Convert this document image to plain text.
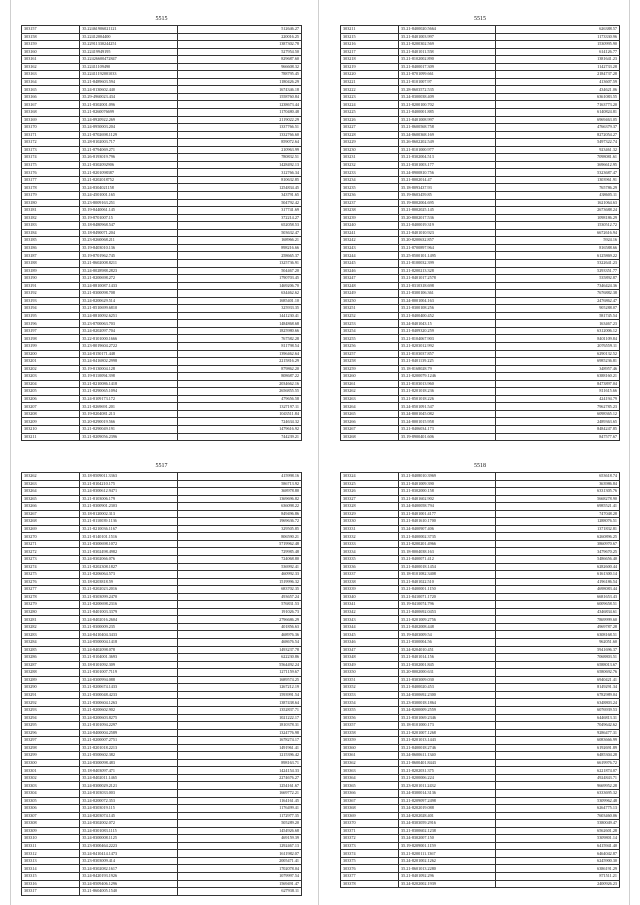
5515
303157	35.22461906021121	512646.27
303158	35.22412004400	220016.25
303159	35.22911330244251	1387302.78
303160	35.22419949195	527954.50
303161	35.22426600472847	829687.60
303162	35.22411109490	966608.32
303163	35.22411192001033	788795.45
303164	35.21-8489603.594	1180426.29
303165	35.24-8130602.440	1674346.18
303166	35.29-4960023.434	1558760.84
303167	35.21-8302001.096	1238673.44
303168	35.21-8260076699	1170480.48
303169	35.24-8920922.269	2119022.29
303170	35.24-8950003.204	1337766.51
303171	35.21-8702698.1129	1332766.60
303172	35.28-8102003.717	859072.64
303173	35.21-8794069.271	210963.99
303174	35.26-8193019.796	780832.51
303175	35.21-8302092906	1428492.13
303176	35.21-8201098387	312766.34
303177	35.21-8202018752	810632.85
303178	35.24-8304021158	1254834.45
303179	35.24-4501001.165	343791.65
303180	35.23-8009163.251	504792.42
303181	35.19-8440061.145	317741.69
303182	35.19-8701007.15	372214.27
303183	35.18-8480968.547	652058.53
303184	35.18-8490071.204	503632.47
303185	35.23-8260068.211	168966.21
303186	35.19-8403010.136	898216.66
303187	35.19-8701962.745	258665.37
303188	35.21-8602008.8211	1325736.91
303189	35.24-8028988.2823	504467.20
303190	35.21-8200698.272	1790703.45
303191	35.24-8810087.1433	1469206.70
303192	35.21-8300098.708	634462.62
303193	35.24-8200629.514	1685401.10
303194	35.21-8510699.6810	325933.35
303195	35.24-8810092.6251	1441230.41
303196	35.23-8700063.703	1484868.68
303197	35.24-8202097.704	1825980.66
303198	35.22-8101000.1666	767582.28
303199	35.23-8019604.2722	811798.54
303200	35.24-8150171.448	1396462.64
303201	35.24-8416802.2998	2215816.29
303202	35.19-8130004.128	879862.20
303203	35.19-8110094.398	808687.22
303204	35.21-8210086.1418	2034662.16
303205	35.21-8290065.1094	2656855.55
303206	35.24-8109173.172	479656.58
303207	35.21-8269691.201	1327197.11
303208	35.19-8204081.213	1043511.84
303209	35.20-8290019.566	724634.32
303210	35.21-8290049.191	1479616.92
303211	35.21-8209056.2396	744239.21
5515
303211	35.21-8400020.5664	626388.57
303215	35.21-8401003.997	1173330.96
303216	35.21-8200302.569	1530995.90
303217	35.21-8401011.558	614126.77
303218	35.21-8102002.890	1381641.23
303219	35.21-8400017.309	1142733.28
303220	35.21-8701099.661	2184737.28
303221	35.21-8101007.97	413607.59
303222	35.28-8603572.535	434621.06
303223	35.24-8300038.409	6361083.55
303224	35.21-8200100.702	7163773.20
303225	35.21-8400001.885	6140824.81
303226	35.21-8401008.997	6969463.05
303227	35.21-8600568.758	4766379.37
303228	35.24-8600368.169	8272054.27
303229	35.26-8602202.549	5497322.74
303230	35.21-8101000.977	923461.32
303231	35.21-8302004.513	7098081.61
303232	35.21-8301003.177	3696612.95
303233	35.24-8900810.756	5323687.47
303234	35.21-8002014.47	1303961.91
303235	35.18-8093437.93	765786.29
303236	35.19-8603459.85	438605.11
303237	35.19-8002004.695	1621064.63
303238	35.21-8002025.145	2673688.24
303239	35.20-8002017.536	1098186.29
303240	35.21-8400019.319	1530512.72
303241	35.21-8401010.923	6672616.94
303242	35.20-8200632.857	5924.16
303243	35.21-8700897.964	816588.66
303244	35.25-8500101.1495	6125869.22
303245	35.21-8100032.399	5322641.23
303246	35.21-8200213.328	5293351.77
303247	35.21-8401017.2578	535892.87
303248	35.21-8310318.698	7346424.36
303249	35.21-8300106.361	7676882.38
303250	35.24-8001004.163	2476862.47
303251	35.21-8300108.256	905288.07
303252	35.21-8400400.452	581745.54
303253	35.24-8401043.15	163467.23
303254	35.21-8409320.259	6312006.12
303255	35.21-8104067.903	8401109.84
303256	35.21-8203012.992	2076559.11
303257	35.21-8103037.857	6290132.52
303258	35.21-8401139.225	6985236.81
303259	35.18-8168028.79	348957.46
303260	35.21-8200079.1246	6388160.21
303261	35.21-8103013.960	8473897.04
303262	35.21-8201018.236	811615.66
303263	35.21-8501018.226	424194.79
303264	35.24-8501091.547	7962785.23
303265	35.24-8001045.082	6098365.12
303266	35.24-8001015.958	2489363.65
303267	35.21-8406034.173	8484247.85
303268	35.19-8900401.606	847577.67
5517
303262	35.18-8509011.3363	415998.16
303263	35.21-8104210.175	586713.92
303264	35.24-8300612.9471	368978.80
303265	35.21-8103006.179	1369696.82
303266	35.21-8300901.2303	636098.22
303267	35.18-8120002.313	849496.86
303268	35.21-8110039.1136	1969636.72
303269	35.21-8210036.1167	329505.85
303270	35.21-8140101.1516	806590.21
303271	35.21-8300698.1072	5719962.48
303272	35.21-8302498.4982	729985.48
303273	35.24-8302066.076	724068.80
303274	35.21-8202308.1827	536992.41
303275	35.21-8206064.573	460992.33
303276	35.18-8203818.59	1519996.32
303277	35.21-8202023.2016	683702.35
303278	35.21-8303099.2470	493657.24
303279	35.21-8200698.2316	576831.53
303280	35.21-8401003.3379	191026.73
303281	35.24-8402016.2604	2796686.29
303282	35.21-8300009.235	401856.63
303283	35.24-8410404.3433	468976.36
303284	35.24-8500004.1418	468676.54
303285	35.24-8402098.078	1493237.78
303286	35.21-8104001.3693	622230.86
303287	35.18-8101092.309	5564492.24
303288	35.21-8301007.7119	1271159.67
303289	35.24-8300994.088	1689574.25
303290	35.21-8200674.1433	1267212.19
303291	35.21-8300048.4233	1593991.54
303292	35.21-8300604.1263	1387438.64
303293	35.21-8200602.902	1352837.71
303294	35.24-8200603.8275	1021222.17
303295	35.21-8101094.2297	1810378.31
303296	35.24-8400004.2589	1324776.98
303297	35.21-8200007.2751	1678274.17
303298	35.21-8201018.2213	1491961.41
303299	35.21-8500602.382	1215396.42
303300	35.24-8300098.483	898163.71
303301	35.18-8403097.471	1424154.33
303302	35.24-8402011.1465	2274676.27
303303	35.24-8300029.2121	1254161.67
303304	35.24-8103033.003	1669772.21
303305	35.24-8200072.353	1164161.45
303306	35.24-8303019.115	1176499.41
303307	35.24-8203074.145	1172977.35
303308	35.24-8302002.072	505289.20
303309	35.24-8301083.1115	1454926.68
303310	35.24-8300008.1125	469159.39
303311	35.23-8300464.2223	1292467.13
303312	35.24-8410414.1473	1611982.07
303313	35.23-8303009.414	2005471.41
303314	35.24-8302082.1617	1702078.04
303315	35.24-8420193.1926	1079997.54
303316	35.24-8509406.1296	1569491.47
303317	35.21-8604005.1540	627938.11
5518
303324	35.21-8408010.3969	653618.74
303325	35.21-8401009.390	363986.84
303326	35.21-8302000.158	6331305.76
303327	35.21-8401602.902	5668278.90
303328	35.24-8400058.794	6985521.41
303329	35.21-8401001.4177	747048.28
303330	35.21-8401610.1700	1288076.51
303331	35.24-8400907.406	1371832.81
303332	35.21-8400002.3735	6260896.25
303333	35.21-8200201.4966	3860970.67
303334	35.18-8004038.163	3479670.25
303335	35.21-8400071.412	5486656.40
303336	35.21-8400018.1454	6282600.44
303337	35.18-8101082.3408	6161300.14
303338	35.21-8401022.510	4196186.54
303339	35.21-8400001.1150	4698083.44
303340	35.21-8410071.1720	6681653.43
303341	35.19-8410074.796	6009658.51
303342	35.21-8400692.0453	4346834.61
303343	35.21-8201009.2756	7869999.60
303344	35.21-8402008.448	4969787.28
303345	35.19-8403009.54	6308168.51
303346	35.21-8300004.56	962051.60
303347	35.24-8204010.451	5941696.37
303348	35.21-8401014.156	7068803.51
303349	35.21-8302001.845	6588013.67
303350	35.20-8002000.631	6580692.76
303351	35.21-8303009.030	6940421.41
303352	35.21-8400020.453	8149291.34
303353	35.24-8300692.2300	6782989.04
303354	35.23-8300018.1864	6348803.24
303355	35.24-8200009.2559	6076939.53
303356	35.21-8301069.2346	6446813.31
303357	35.18-8101000.173	7049642.62
303358	35.21-8201007.1268	9286477.31
303359	35.21-8201013.1443	6083666.99
303360	35.21-8400018.2746	6192691.89
303361	35.24-8600611.1340	6485304.28
303362	35.21-8600401.8443	6619976.72
303363	35.21-8202031.375	6221874.07
303364	35.21-8200006.224	4924843.71
303365	35.23-8201011.2432	9669952.28
303366	35.24-8300014.3136	6333695.32
303367	35.21-8209097.2498	5309962.48
303368	35.24-8202019.088	6264775.13
303369	35.24-8202028.401	7603460.06
303370	35.24-8303059.2916	5380049.47
303371	35.21-8300602.1238	6562601.28
303372	35.24-8302007.150	5309801.14
303373	35.19-8209001.1159	6415941.40
303374	35.21-8200111.1367	6464042.87
303375	35.24-8201002.1262	6245900.30
303376	35.21-8601013.2280	6386191.29
303377	35.21-8401092.296	871511.21
303378	35.24-8202002.1939	2400926.23
